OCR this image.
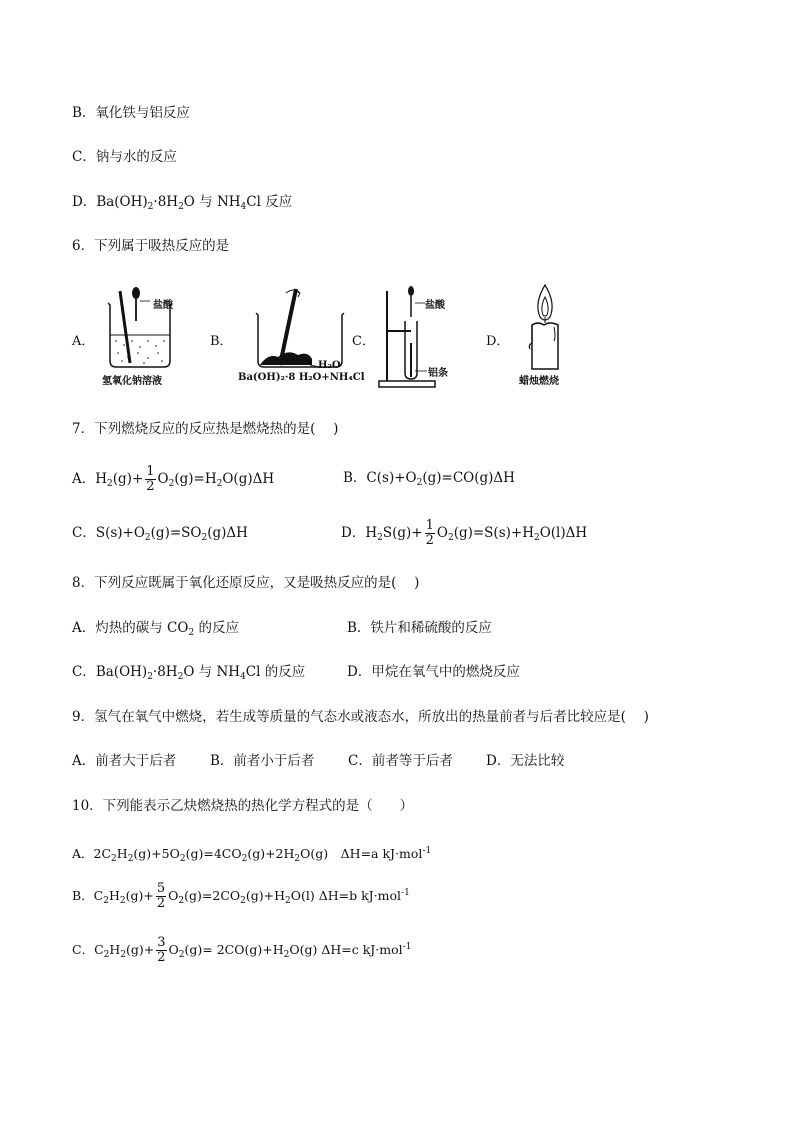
B．氧化铁与铝反应
C．钠与水的反应
D．$Ba(OH)_2\cdot 8H_2O$ 与 $NH_4Cl$ 反应
6．下列属于吸热反应的是
A．
盐酸
氢氧化钠溶液
B．
H₂O
Ba(OH)₂·8 H₂O+NH₄Cl
C．
盐酸
铝条
D．
蜡烛燃烧
7．下列燃烧反应的反应热是燃烧热的是(　 )
A．$H_2(g)+ \frac{1}{2} O_2(g)=H_2O(g)\Delta H$	B．$C(s)+O_2(g)=CO(g)\Delta H$
C．$S(s)+O_2(g)=SO_2(g)\Delta H$	D．$H_2S(g)+ \frac{1}{2} O_2(g)=S(s)+H_2O(l)\Delta H$
8．下列反应既属于氧化还原反应，又是吸热反应的是(　 )
A．灼热的碳与 $CO_2$ 的反应	B．铁片和稀硫酸的反应
C．$Ba(OH)_2\cdot 8H_2O$ 与 $NH_4Cl$ 的反应	D．甲烷在氧气中的燃烧反应
9．氢气在氧气中燃烧，若生成等质量的气态水或液态水，所放出的热量前者与后者比较应是(　 )
A．前者大于后者	B．前者小于后者 C．前者等于后者 D．无法比较
10．下列能表示乙炔燃烧热的热化学方程式的是（　　）
A．$2C_2H_2(g)+5O_2(g)=4CO_2(g)+2H_2O(g)$　ΔH=a kJ·mol$^{-1}$
B．$C_2H_2(g)+ \frac{5}{2} O_2(g)=2CO_2(g)+H_2O(l)$ ΔH=b kJ·mol$^{-1}$
C．$C_2H_2(g)+ \frac{3}{2} O_2(g)= 2CO(g)+H_2O(g)$ ΔH=c kJ·mol$^{-1}$
